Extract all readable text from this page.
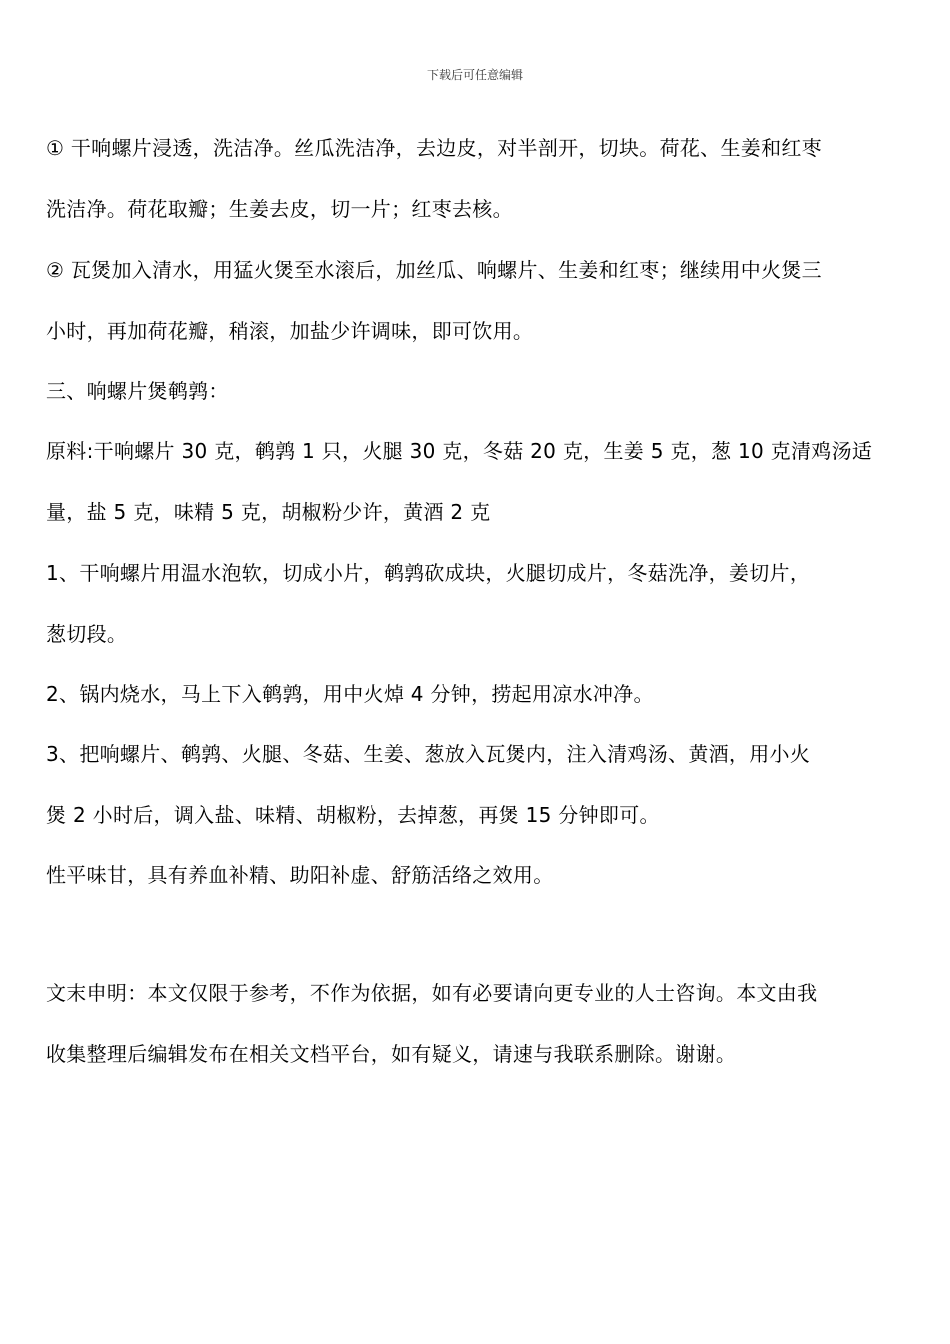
下载后可任意编辑

① 干响螺片浸透，洗洁净。丝瓜洗洁净，去边皮，对半剖开，切块。荷花、生姜和红枣

洗洁净。荷花取瓣；生姜去皮，切一片；红枣去核。

② 瓦煲加入清水，用猛火煲至水滚后，加丝瓜、响螺片、生姜和红枣；继续用中火煲三

小时，再加荷花瓣，稍滚，加盐少许调味，即可饮用。

三、响螺片煲鹌鹑：

原料:干响螺片 30 克，鹌鹑 1 只，火腿 30 克，冬菇 20 克，生姜 5 克，葱 10 克清鸡汤适

量，盐 5 克，味精 5 克，胡椒粉少许，黄酒 2 克

1、干响螺片用温水泡软，切成小片，鹌鹑砍成块，火腿切成片，冬菇洗净，姜切片，

葱切段。

2、锅内烧水，马上下入鹌鹑，用中火焯 4 分钟，捞起用凉水冲净。

3、把响螺片、鹌鹑、火腿、冬菇、生姜、葱放入瓦煲内，注入清鸡汤、黄酒，用小火

煲 2 小时后，调入盐、味精、胡椒粉，去掉葱，再煲 15 分钟即可。

性平味甘，具有养血补精、助阳补虚、舒筋活络之效用。

文末申明：本文仅限于参考，不作为依据，如有必要请向更专业的人士咨询。本文由我

收集整理后编辑发布在相关文档平台，如有疑义，请速与我联系删除。谢谢。
